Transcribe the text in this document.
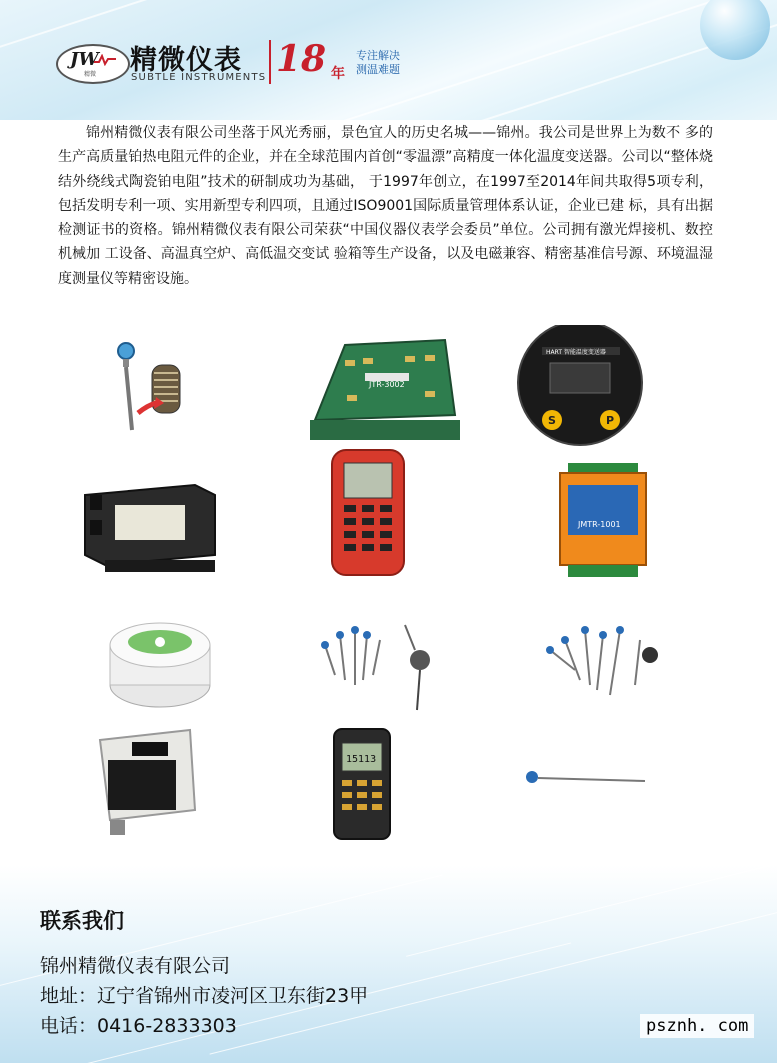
JW
精微 精微仪表
SUBTLE INSTRUMENTS 18 年
专注解决
测温难题

锦州精微仪表有限公司坐落于风光秀丽，景色宜人的历史名城——锦州。我公司是世界上为数不 多的生产高质量铂热电阻元件的企业，并在全球范围内首创“零温漂”高精度一体化温度变送器。公司以“整体烧结外绕线式陶瓷铂电阻”技术的研制成功为基础， 于1997年创立，在1997至2014年间共取得5项专利，包括发明专利一项、实用新型专利四项，且通过ISO9001国际质量管理体系认证，企业已建 标，具有出据检测证书的资格。锦州精微仪表有限公司荣获“中国仪器仪表学会委员”单位。公司拥有激光焊接机、数控机械加 工设备、高温真空炉、高低温交变试 验箱等生产设备，以及电磁兼容、精密基准信号源、环境温湿度测量仪等精密设施。

JTR-3002
HART 智能温度变送器
S	P
JMTR-1001
15113
联系我们
锦州精微仪表有限公司
地址：辽宁省锦州市凌河区卫东街23甲
电话：0416-2833303	psznh. com
